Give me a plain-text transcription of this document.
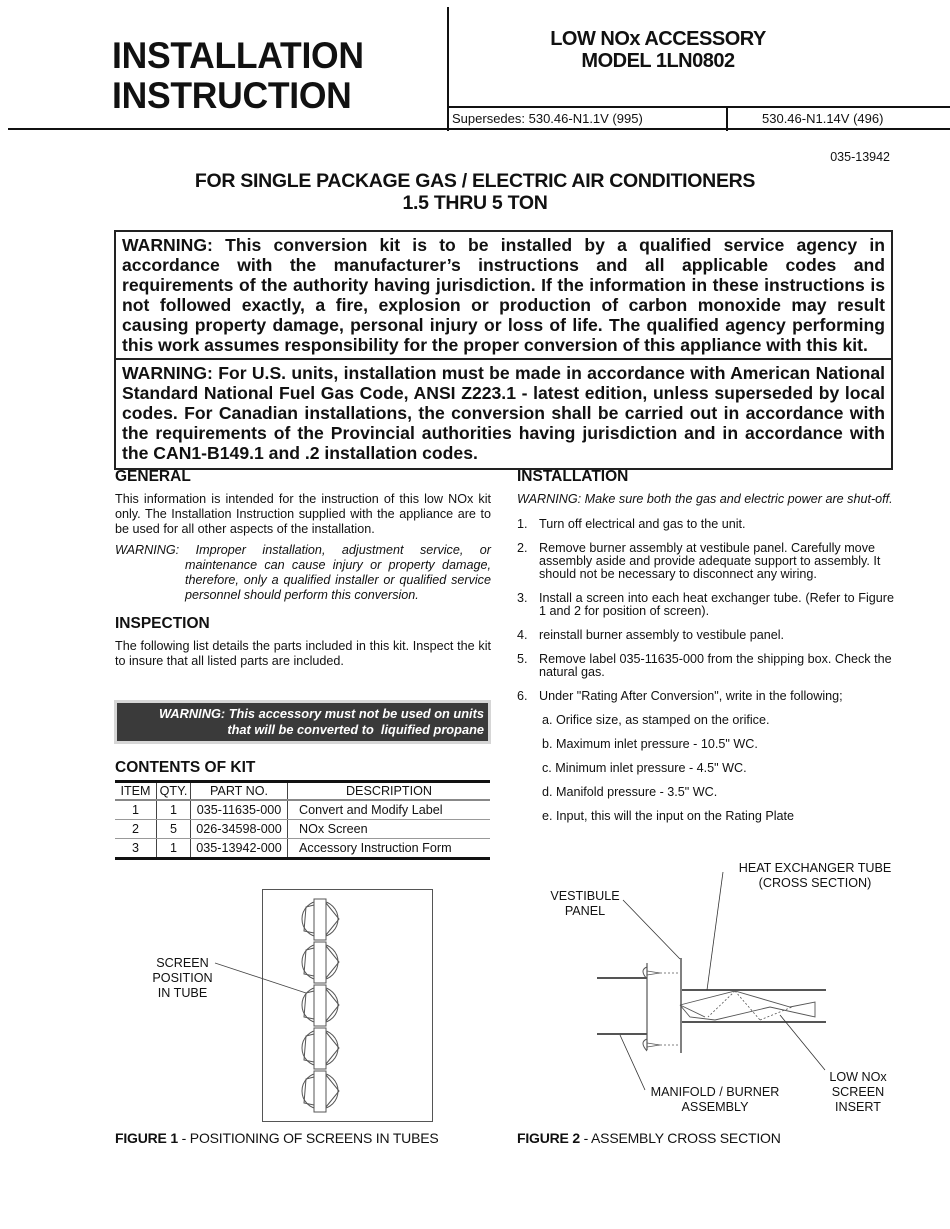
INSTALLATION
INSTRUCTION
LOW NOx ACCESSORY
MODEL 1LN0802
Supersedes: 530.46-N1.1V (995)	530.46-N1.14V (496)
035-13942
FOR SINGLE PACKAGE GAS / ELECTRIC AIR CONDITIONERS
1.5 THRU 5 TON
WARNING: This conversion kit is to be installed by a qualified service agency in accordance with the manufacturer’s instructions and all applicable codes and requirements of the authority having jurisdiction. If the information in these instructions is not followed exactly, a fire, explosion or production of carbon monoxide may result causing property damage, personal injury or loss of life. The qualified agency performing this work assumes responsibility for the proper conversion of this appliance with this kit.
WARNING: For U.S. units, installation must be made in accordance with American National Standard National Fuel Gas Code, ANSI Z223.1 - latest edition, unless superseded by local codes. For Canadian installations, the conversion shall be carried out in accordance with the requirements of the Provincial authorities having jurisdiction and in accordance with the CAN1-B149.1 and .2 installation codes.
GENERAL

This information is intended for the instruction of this low NOx kit only. The Installation Instruction supplied with the appliance are to be used for all other aspects of the installation.

WARNING: Improper installation, adjustment service, or maintenance can cause injury or property damage, therefore, only a qualified installer or qualified service personnel should perform this conversion.

INSPECTION

The following list details the parts included in this kit. Inspect the kit to insure that all listed parts are included.

WARNING: This accessory must not be used on units
that will be converted to  liquified propane
CONTENTS OF KIT
ITEM	QTY.	PART NO.	DESCRIPTION
1	1	035-11635-000	Convert and Modify Label
2	5	026-34598-000	NOx Screen
3	1	035-13942-000	Accessory Instruction Form
INSTALLATION

WARNING: Make sure both the gas and electric power are shut-off.

1. Turn off electrical and gas to the unit.
2. Remove burner assembly at vestibule panel. Carefully move assembly aside and provide adequate support to assembly. It should not be necessary to disconnect any wiring.
3. Install a screen into each heat exchanger tube. (Refer to Figure 1 and 2 for position of screen).
4. reinstall burner assembly to vestibule panel.
5. Remove label 035-11635-000 from the shipping box. Check the natural gas.
6. Under "Rating After Conversion", write in the following;
a. Orifice size, as stamped on the orifice.
b. Maximum inlet pressure - 10.5" WC.
c. Minimum inlet pressure - 4.5" WC.
d. Manifold pressure - 3.5" WC.
e. Input, this will the input on the Rating Plate
SCREEN
POSITION
IN TUBE
FIGURE 1 - POSITIONING OF SCREENS IN TUBES
HEAT EXCHANGER TUBE
(CROSS SECTION)
VESTIBULE
PANEL
MANIFOLD / BURNER
ASSEMBLY
LOW NOx
SCREEN
INSERT
FIGURE 2 - ASSEMBLY CROSS SECTION
